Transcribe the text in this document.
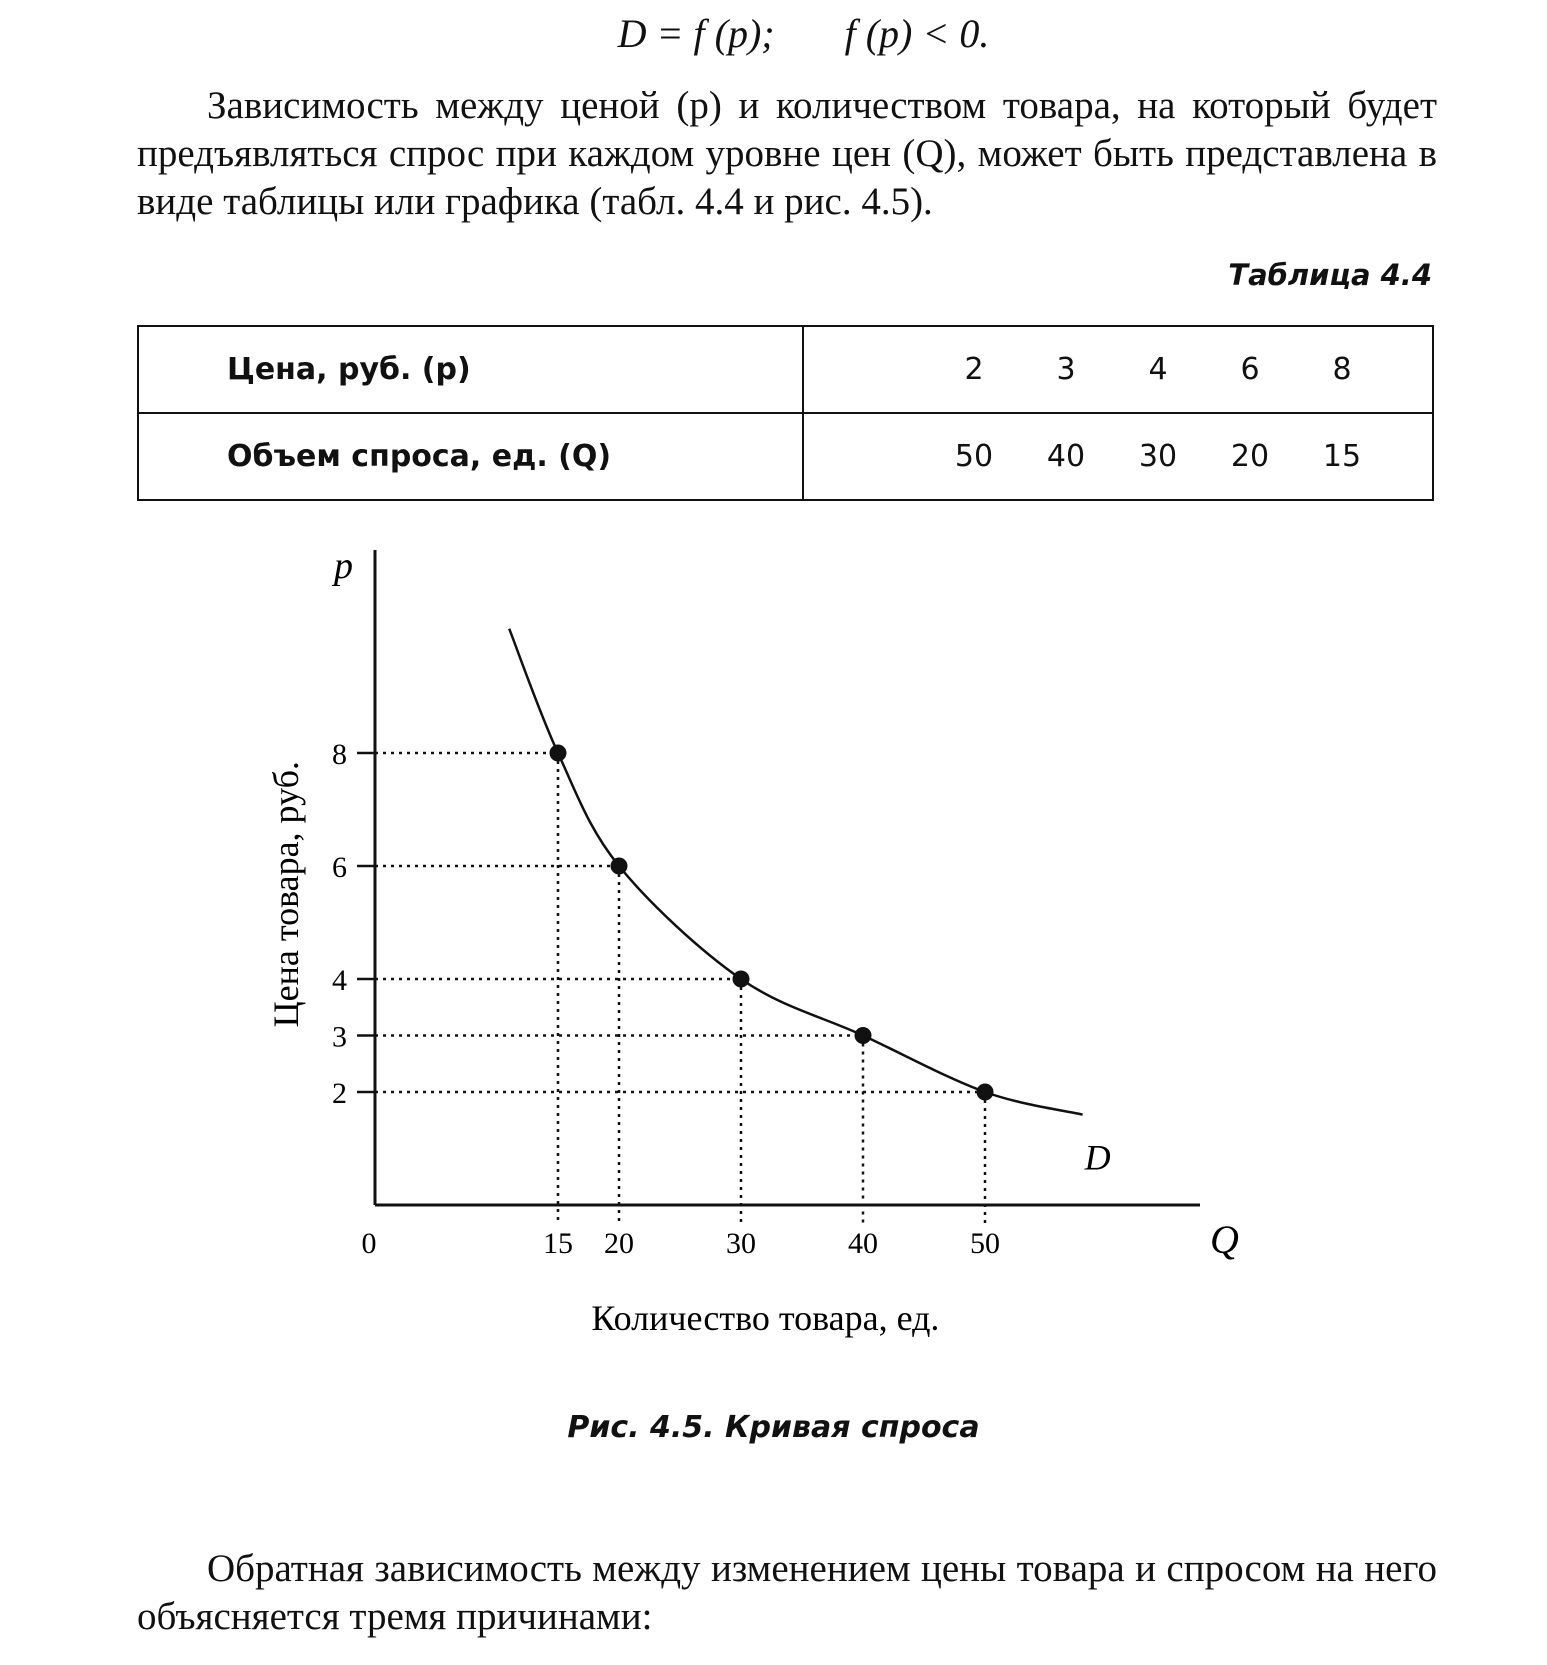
D = f (p); f (p) < 0.
Зависимость между ценой (p) и количеством товара, на который будет предъявляться спрос при каждом уровне цен (Q), может быть представлена в виде таблицы или графика (табл. 4.4 и рис. 4.5).
Таблица 4.4
Цена, руб. (p)	2 3 4 6 8

Объем спроса, ед. (Q)	50 40 30 20 15
2
3
4
6
8
15 20	30	40	50
0
D
p
Q
Количество товара, ед.
Цена товара, руб.
Рис. 4.5. Кривая спроса
Обратная зависимость между изменением цены товара и спросом на него объясняется тремя причинами:
